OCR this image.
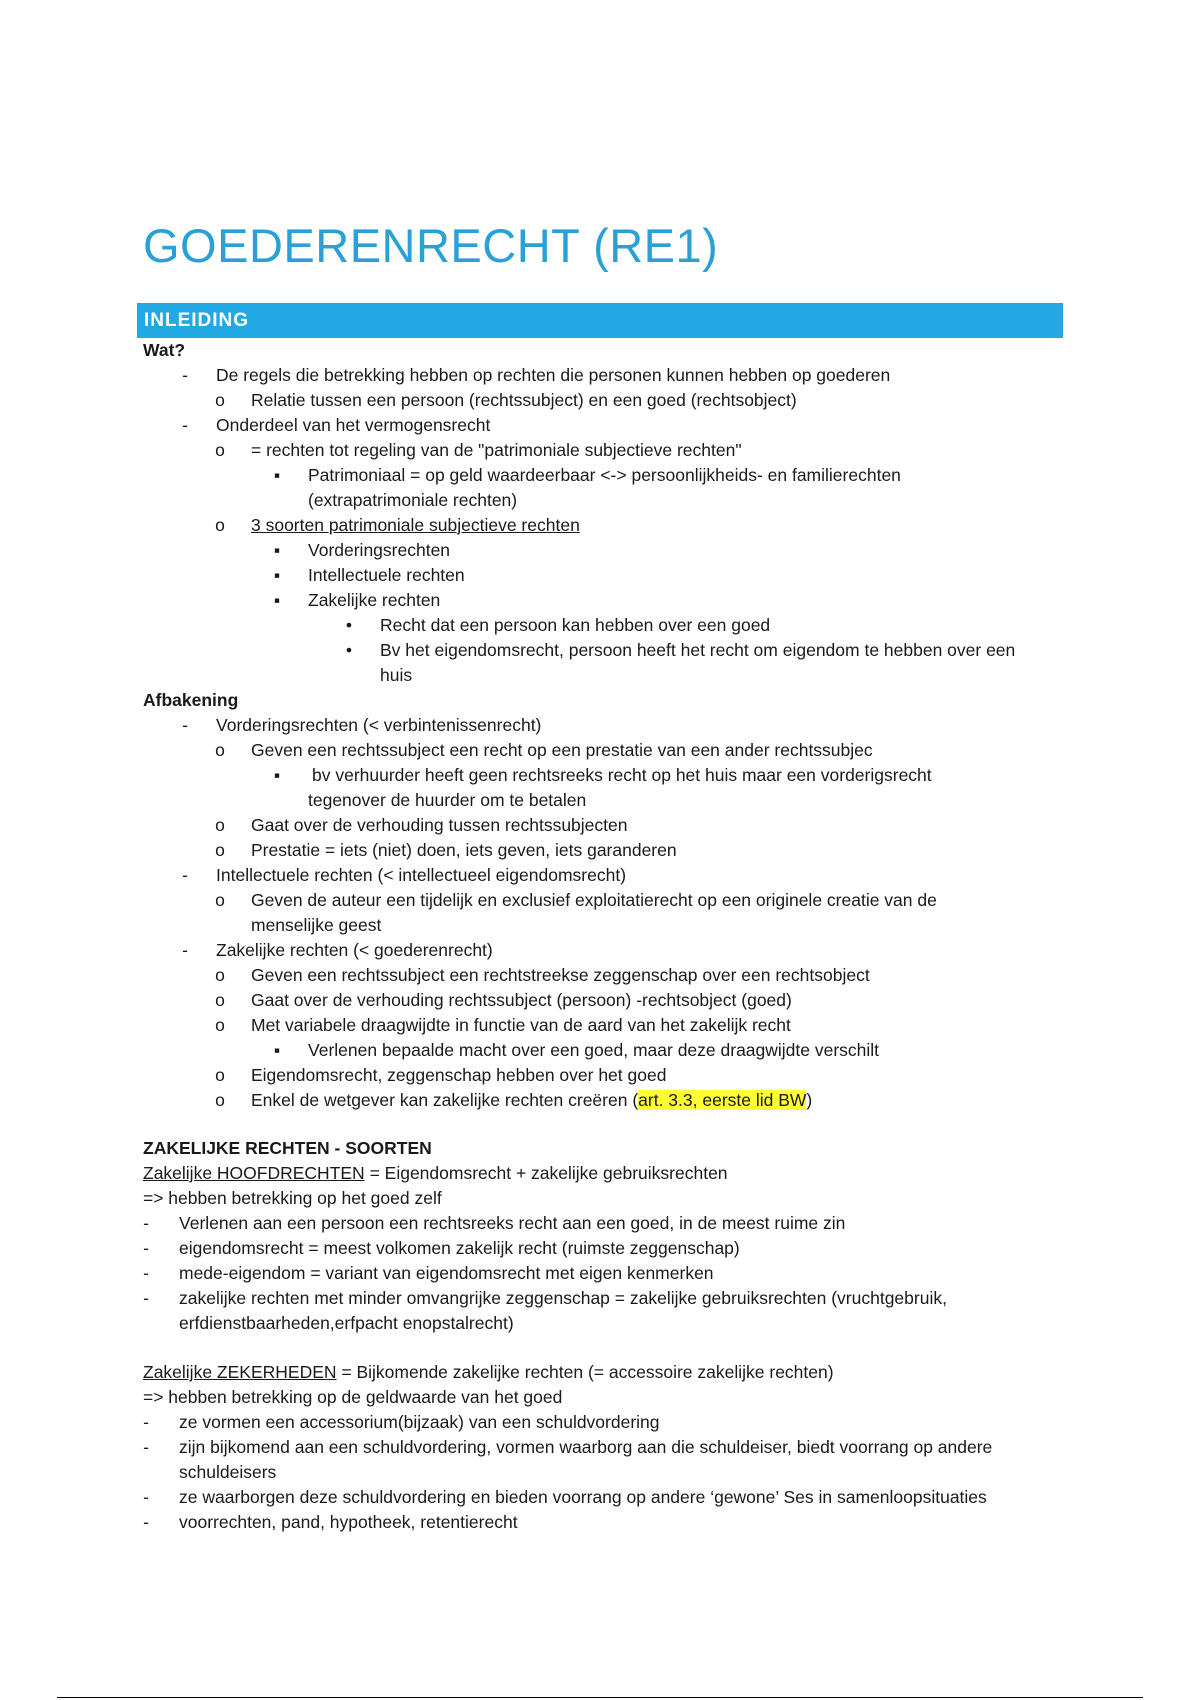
GOEDERENRECHT (RE1)
INLEIDING
Wat?
- De regels die betrekking hebben op rechten die personen kunnen hebben op goederen
o Relatie tussen een persoon (rechtssubject) en een goed (rechtsobject)
- Onderdeel van het vermogensrecht
o = rechten tot regeling van de "patrimoniale subjectieve rechten"
▪ Patrimoniaal = op geld waardeerbaar <-> persoonlijkheids- en familierechten
(extrapatrimoniale rechten)
o 3 soorten patrimoniale subjectieve rechten
▪ Vorderingsrechten
▪ Intellectuele rechten
▪ Zakelijke rechten
• Recht dat een persoon kan hebben over een goed
• Bv het eigendomsrecht, persoon heeft het recht om eigendom te hebben over een
huis
Afbakening
- Vorderingsrechten (< verbintenissenrecht)
o Geven een rechtssubject een recht op een prestatie van een ander rechtssubjec
▪ bv verhuurder heeft geen rechtsreeks recht op het huis maar een vorderigsrecht
tegenover de huurder om te betalen
o Gaat over de verhouding tussen rechtssubjecten
o Prestatie = iets (niet) doen, iets geven, iets garanderen
- Intellectuele rechten (< intellectueel eigendomsrecht)
o Geven de auteur een tijdelijk en exclusief exploitatierecht op een originele creatie van de
menselijke geest
- Zakelijke rechten (< goederenrecht)
o Geven een rechtssubject een rechtstreekse zeggenschap over een rechtsobject
o Gaat over de verhouding rechtssubject (persoon) -rechtsobject (goed)
o Met variabele draagwijdte in functie van de aard van het zakelijk recht
▪ Verlenen bepaalde macht over een goed, maar deze draagwijdte verschilt
o Eigendomsrecht, zeggenschap hebben over het goed
o Enkel de wetgever kan zakelijke rechten creëren (art. 3.3, eerste lid BW)
ZAKELIJKE RECHTEN - SOORTEN
Zakelijke HOOFDRECHTEN = Eigendomsrecht + zakelijke gebruiksrechten
=> hebben betrekking op het goed zelf
- Verlenen aan een persoon een rechtsreeks recht aan een goed, in de meest ruime zin
- eigendomsrecht = meest volkomen zakelijk recht (ruimste zeggenschap)
- mede-eigendom = variant van eigendomsrecht met eigen kenmerken
- zakelijke rechten met minder omvangrijke zeggenschap = zakelijke gebruiksrechten (vruchtgebruik,
erfdienstbaarheden,erfpacht enopstalrecht)
Zakelijke ZEKERHEDEN = Bijkomende zakelijke rechten (= accessoire zakelijke rechten)
=> hebben betrekking op de geldwaarde van het goed
- ze vormen een accessorium(bijzaak) van een schuldvordering
- zijn bijkomend aan een schuldvordering, vormen waarborg aan die schuldeiser, biedt voorrang op andere
schuldeisers
- ze waarborgen deze schuldvordering en bieden voorrang op andere ‘gewone’ Ses in samenloopsituaties
- voorrechten, pand, hypotheek, retentierecht
